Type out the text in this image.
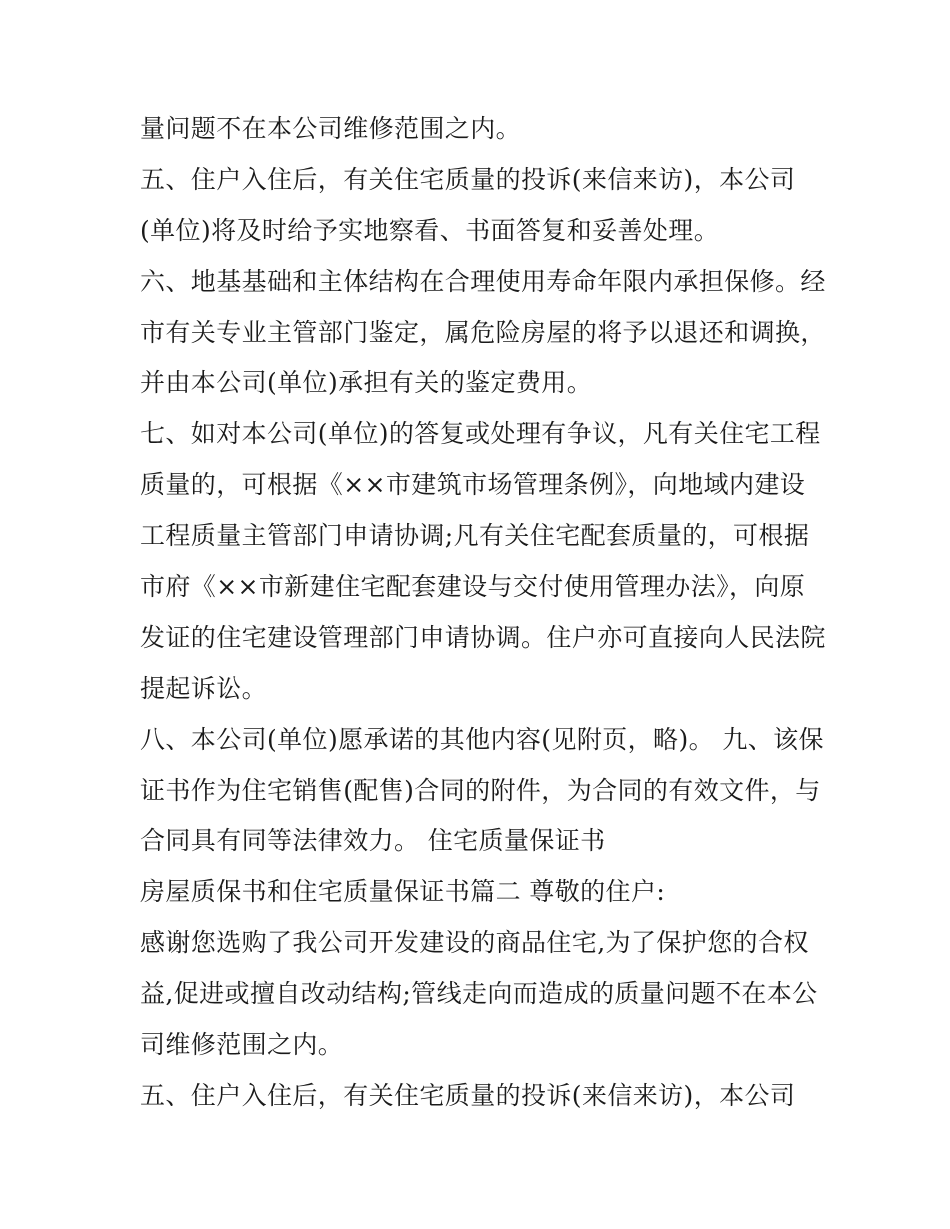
量问题不在本公司维修范围之内。
五、住户入住后，有关住宅质量的投诉(来信来访)，本公司
(单位)将及时给予实地察看、书面答复和妥善处理。
六、地基基础和主体结构在合理使用寿命年限内承担保修。经
市有关专业主管部门鉴定，属危险房屋的将予以退还和调换，
并由本公司(单位)承担有关的鉴定费用。
七、如对本公司(单位)的答复或处理有争议，凡有关住宅工程
质量的，可根据《××市建筑市场管理条例》，向地域内建设
工程质量主管部门申请协调;凡有关住宅配套质量的，可根据
市府《××市新建住宅配套建设与交付使用管理办法》，向原
发证的住宅建设管理部门申请协调。住户亦可直接向人民法院
提起诉讼。
八、本公司(单位)愿承诺的其他内容(见附页，略)。 九、该保
证书作为住宅销售(配售)合同的附件，为合同的有效文件，与
合同具有同等法律效力。 住宅质量保证书
房屋质保书和住宅质量保证书篇二 尊敬的住户:
感谢您选购了我公司开发建设的商品住宅,为了保护您的合权
益,促进或擅自改动结构;管线走向而造成的质量问题不在本公
司维修范围之内。
五、住户入住后，有关住宅质量的投诉(来信来访)，本公司
